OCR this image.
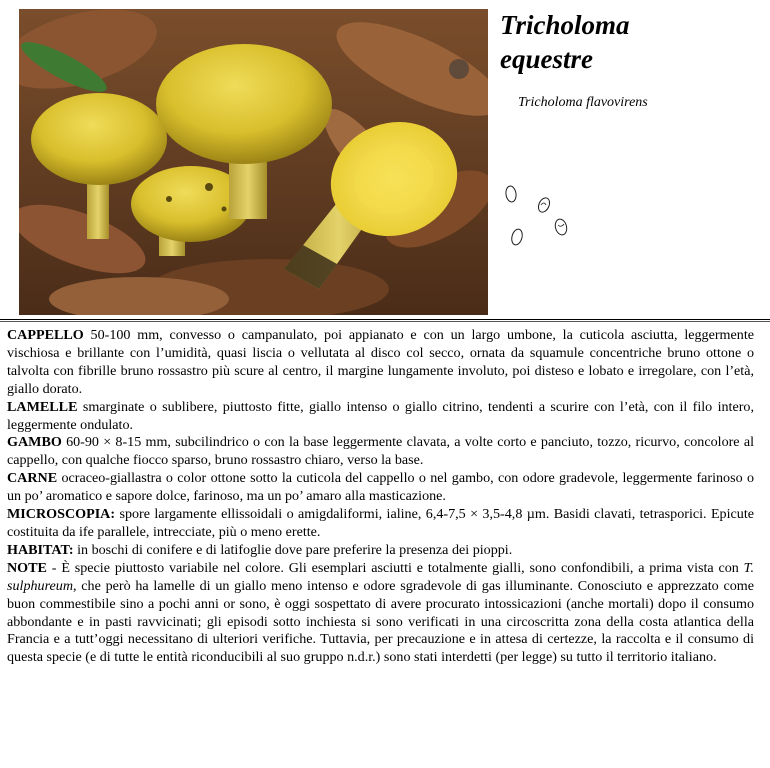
Tricholoma
equestre
Tricholoma flavovirens

CAPPELLO 50-100 mm, convesso o campanulato, poi appianato e con un largo umbone, la cuticola asciutta, leggermente vischiosa e brillante con l’umidità, quasi liscia o vellutata al disco col secco, ornata da squamule concentriche bruno ottone o talvolta con fibrille bruno rossastro più scure al centro, il margine lungamente involuto, poi disteso e lobato e irregolare, con l’età, giallo dorato.

LAMELLE smarginate o sublibere, piuttosto fitte, giallo intenso o giallo citrino, tendenti a scurire con l’età, con il filo intero, leggermente ondulato.

GAMBO 60-90 × 8-15 mm, subcilindrico o con la base leggermente clavata, a volte corto e panciuto, tozzo, ricurvo, concolore al cappello, con qualche fiocco sparso, bruno rossastro chiaro, verso la base.

CARNE ocraceo-giallastra o color ottone sotto la cuticola del cappello o nel gambo, con odore gradevole, leggermente farinoso o un po’ aromatico e sapore dolce, farinoso, ma un po’ amaro alla masticazione.

MICROSCOPIA: spore largamente ellissoidali o amigdaliformi, ialine, 6,4-7,5 × 3,5-4,8 µm. Basidi clavati, tetrasporici. Epicute costituita da ife parallele, intrecciate, più o meno erette.

HABITAT: in boschi di conifere e di latifoglie dove pare preferire la presenza dei pioppi.

NOTE - È specie piuttosto variabile nel colore. Gli esemplari asciutti e totalmente gialli, sono confondibili, a prima vista con T. sulphureum, che però ha lamelle di un giallo meno intenso e odore sgradevole di gas illuminante. Conosciuto e apprezzato come buon commestibile sino a pochi anni or sono, è oggi sospettato di avere procurato intossicazioni (anche mortali) dopo il consumo abbondante e in pasti ravvicinati; gli episodi sotto inchiesta si sono verificati in una circoscritta zona della costa atlantica della Francia e a tutt’oggi necessitano di ulteriori verifiche. Tuttavia, per precauzione e in attesa di certezze, la raccolta e il consumo di questa specie (e di tutte le entità riconducibili al suo gruppo n.d.r.) sono stati interdetti (per legge) su tutto il territorio italiano.
